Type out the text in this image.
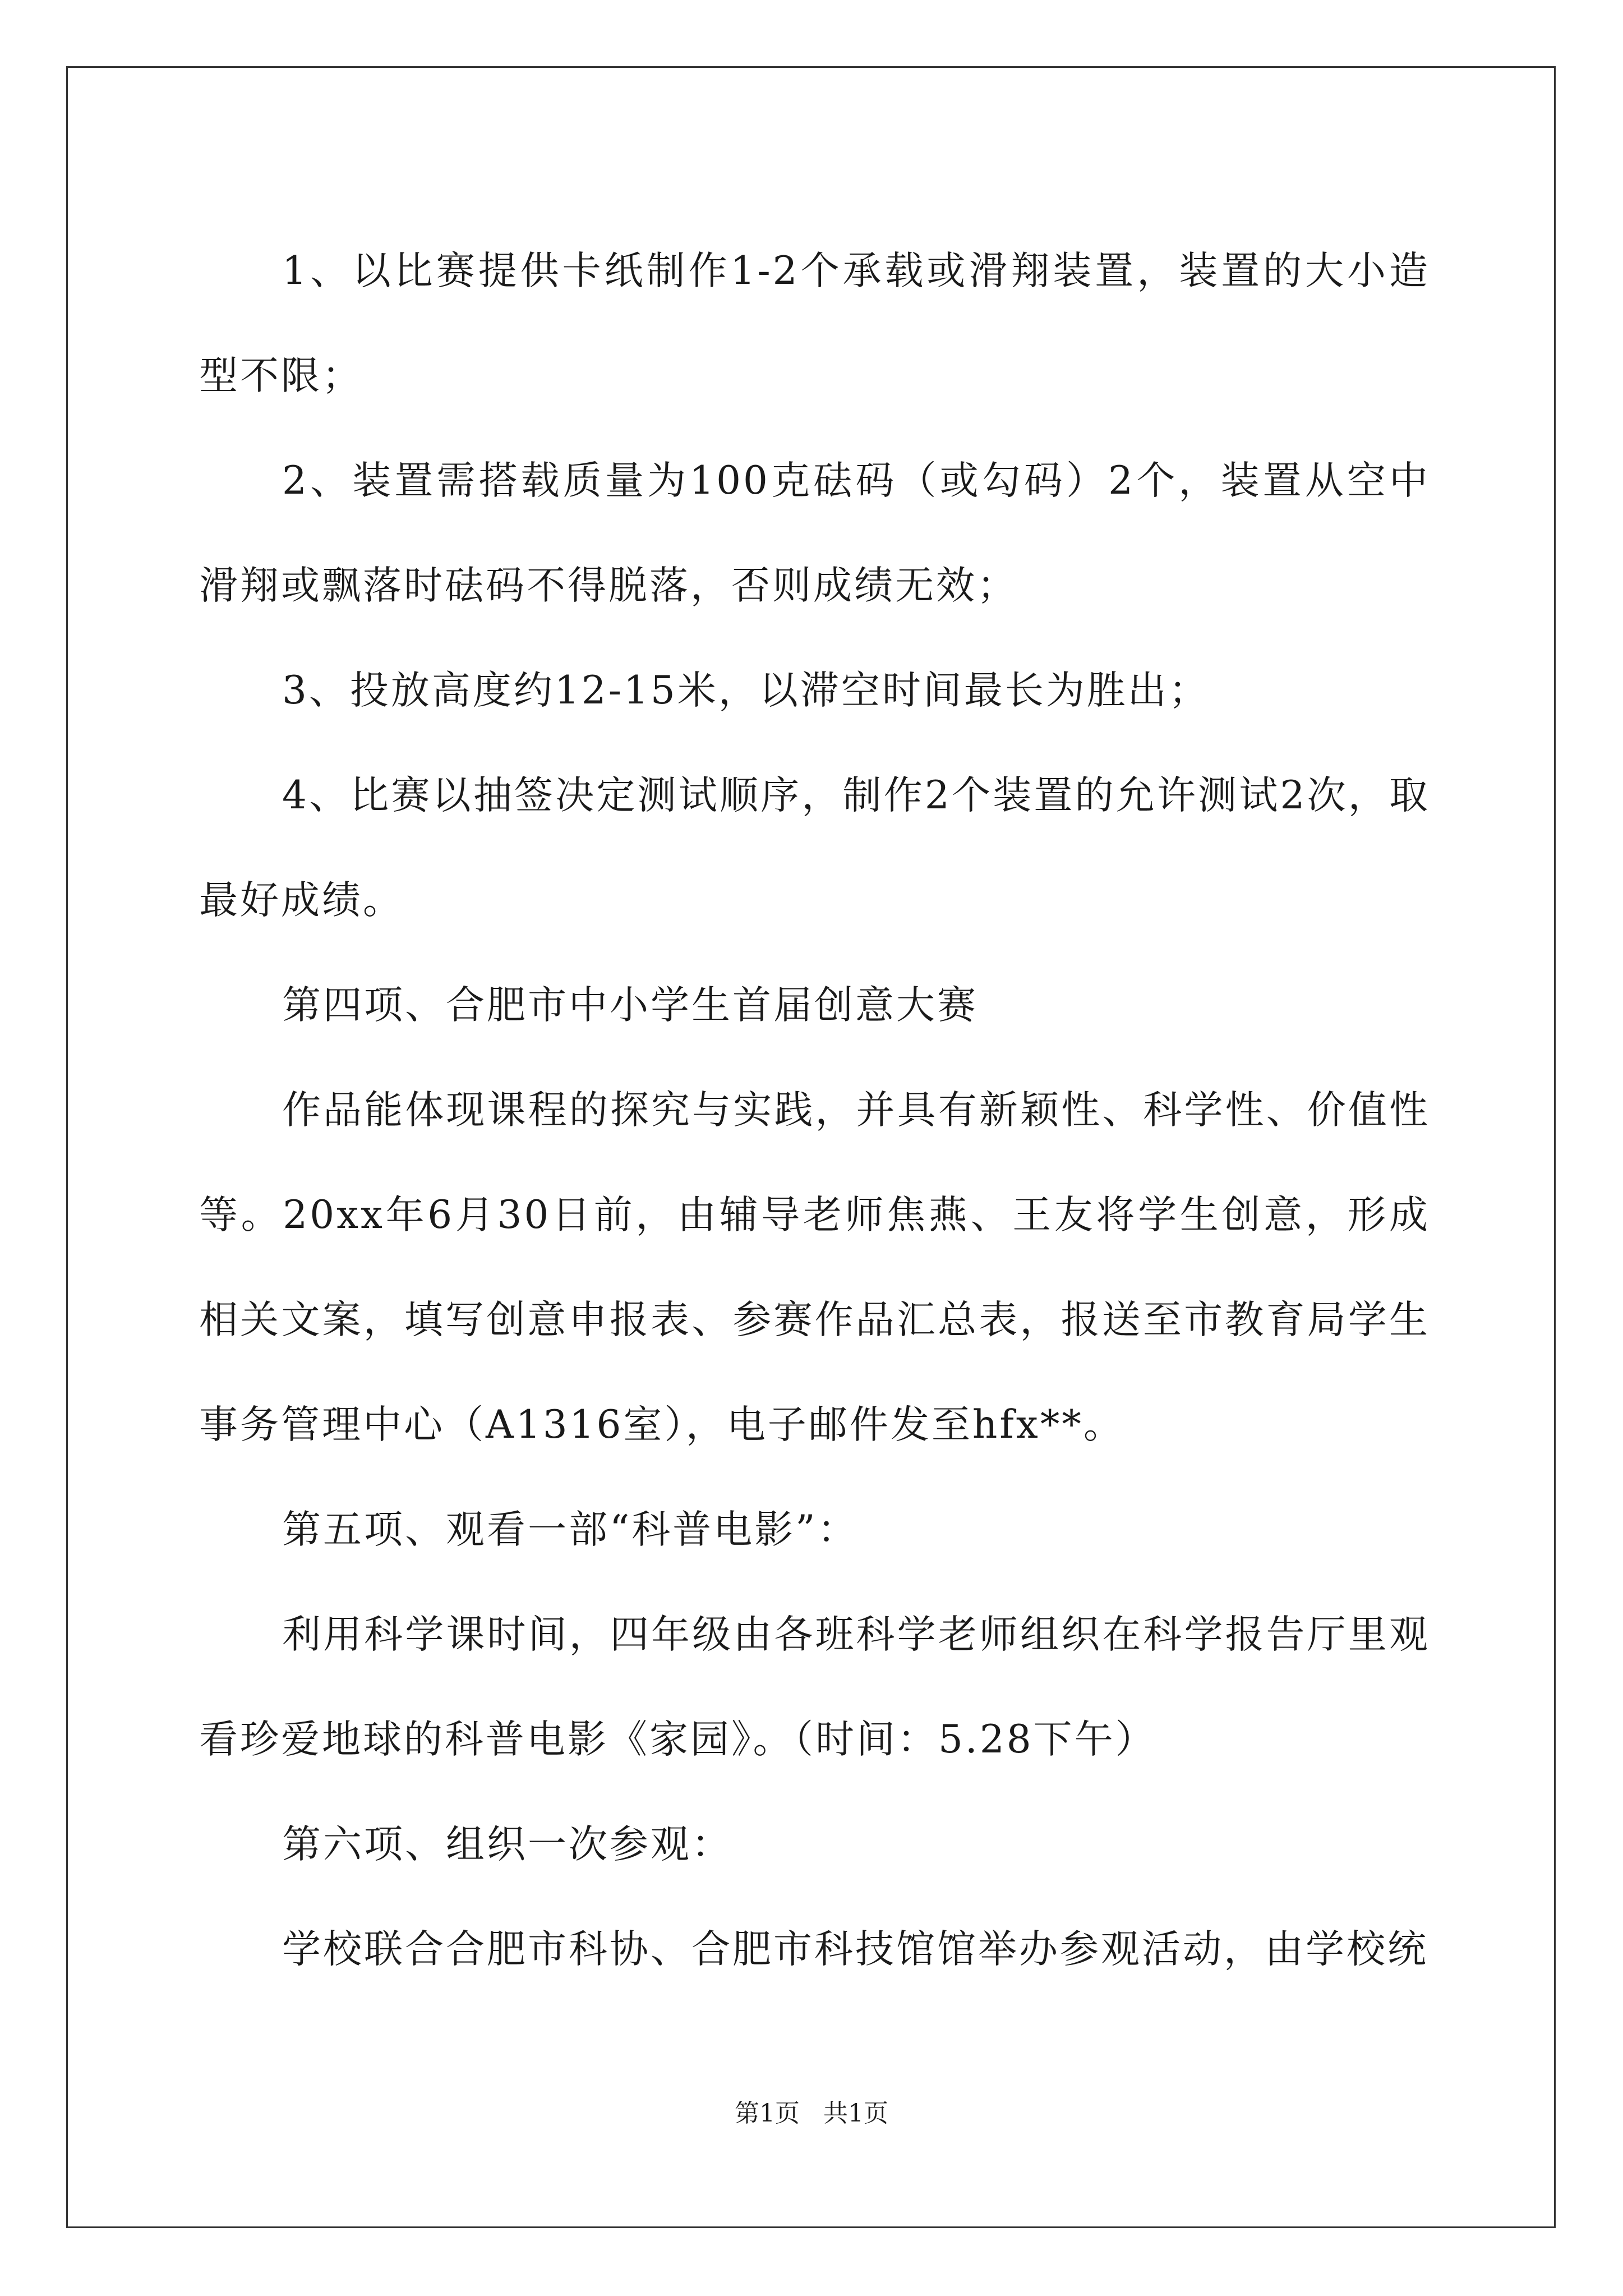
1、以比赛提供卡纸制作1-2个承载或滑翔装置，装置的大小造型不限；

2、装置需搭载质量为100克砝码（或勾码）2个，装置从空中滑翔或飘落时砝码不得脱落，否则成绩无效；

3、投放高度约12-15米，以滞空时间最长为胜出；

4、比赛以抽签决定测试顺序，制作2个装置的允许测试2次，取最好成绩。

第四项、合肥市中小学生首届创意大赛

作品能体现课程的探究与实践，并具有新颖性、科学性、价值性等。20xx年6月30日前，由辅导老师焦燕、王友将学生创意，形成相关文案，填写创意申报表、参赛作品汇总表，报送至市教育局学生事务管理中心（A1316室），电子邮件发至hfx**。

第五项、观看一部“科普电影”：

利用科学课时间，四年级由各班科学老师组织在科学报告厅里观看珍爱地球的科普电影《家园》。（时间：5.28下午）

第六项、组织一次参观：

学校联合合肥市科协、合肥市科技馆馆举办参观活动，由学校统

第1页   共1页
